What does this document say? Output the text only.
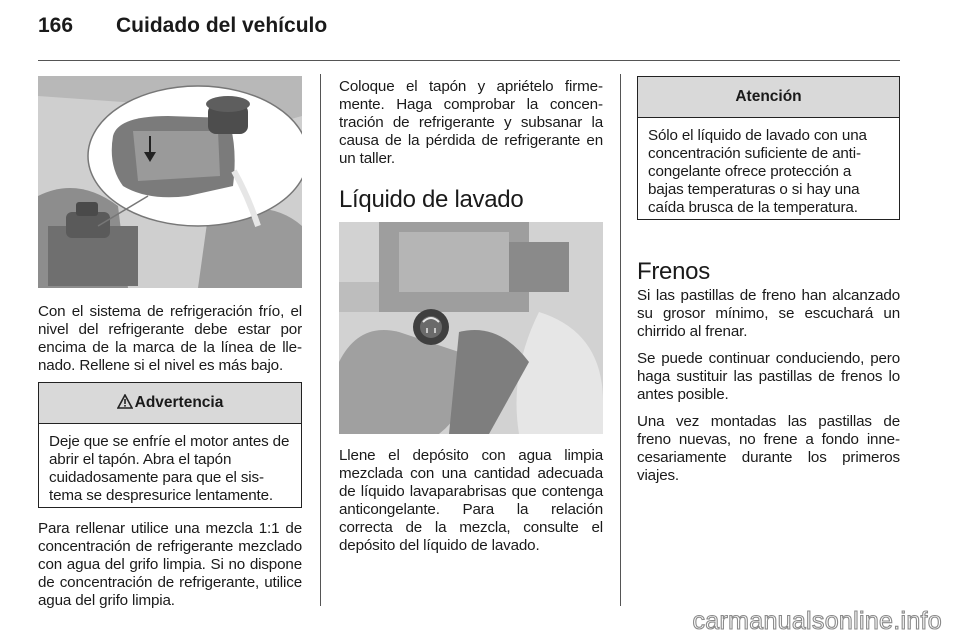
166 Cuidado del vehículo

Con el sistema de refrigeración frío, el nivel del refrigerante debe estar por encima de la marca de la línea de llenado. Rellene si el nivel es más bajo.

Advertencia
Deje que se enfríe el motor antes de abrir el tapón. Abra el tapón cuidadosamente para que el sistema se despresurice lentamente.

Para rellenar utilice una mezcla 1:1 de concentración de refrigerante mezclado con agua del grifo limpia. Si no dispone de concentración de refrigerante, utilice agua del grifo limpia.

Coloque el tapón y apriételo firmemente. Haga comprobar la concentración de refrigerante y subsanar la causa de la pérdida de refrigerante en un taller.

Líquido de lavado

Llene el depósito con agua limpia mezclada con una cantidad adecuada de líquido lavaparabrisas que contenga anticongelante. Para la relación correcta de la mezcla, consulte el depósito del líquido de lavado.

Atención
Sólo el líquido de lavado con una concentración suficiente de anticongelante ofrece protección a bajas temperaturas o si hay una caída brusca de la temperatura.
Frenos

Si las pastillas de freno han alcanzado su grosor mínimo, se escuchará un chirrido al frenar.

Se puede continuar conduciendo, pero haga sustituir las pastillas de frenos lo antes posible.

Una vez montadas las pastillas de freno nuevas, no frene a fondo innecesariamente durante los primeros viajes.

carmanualsonline.info
